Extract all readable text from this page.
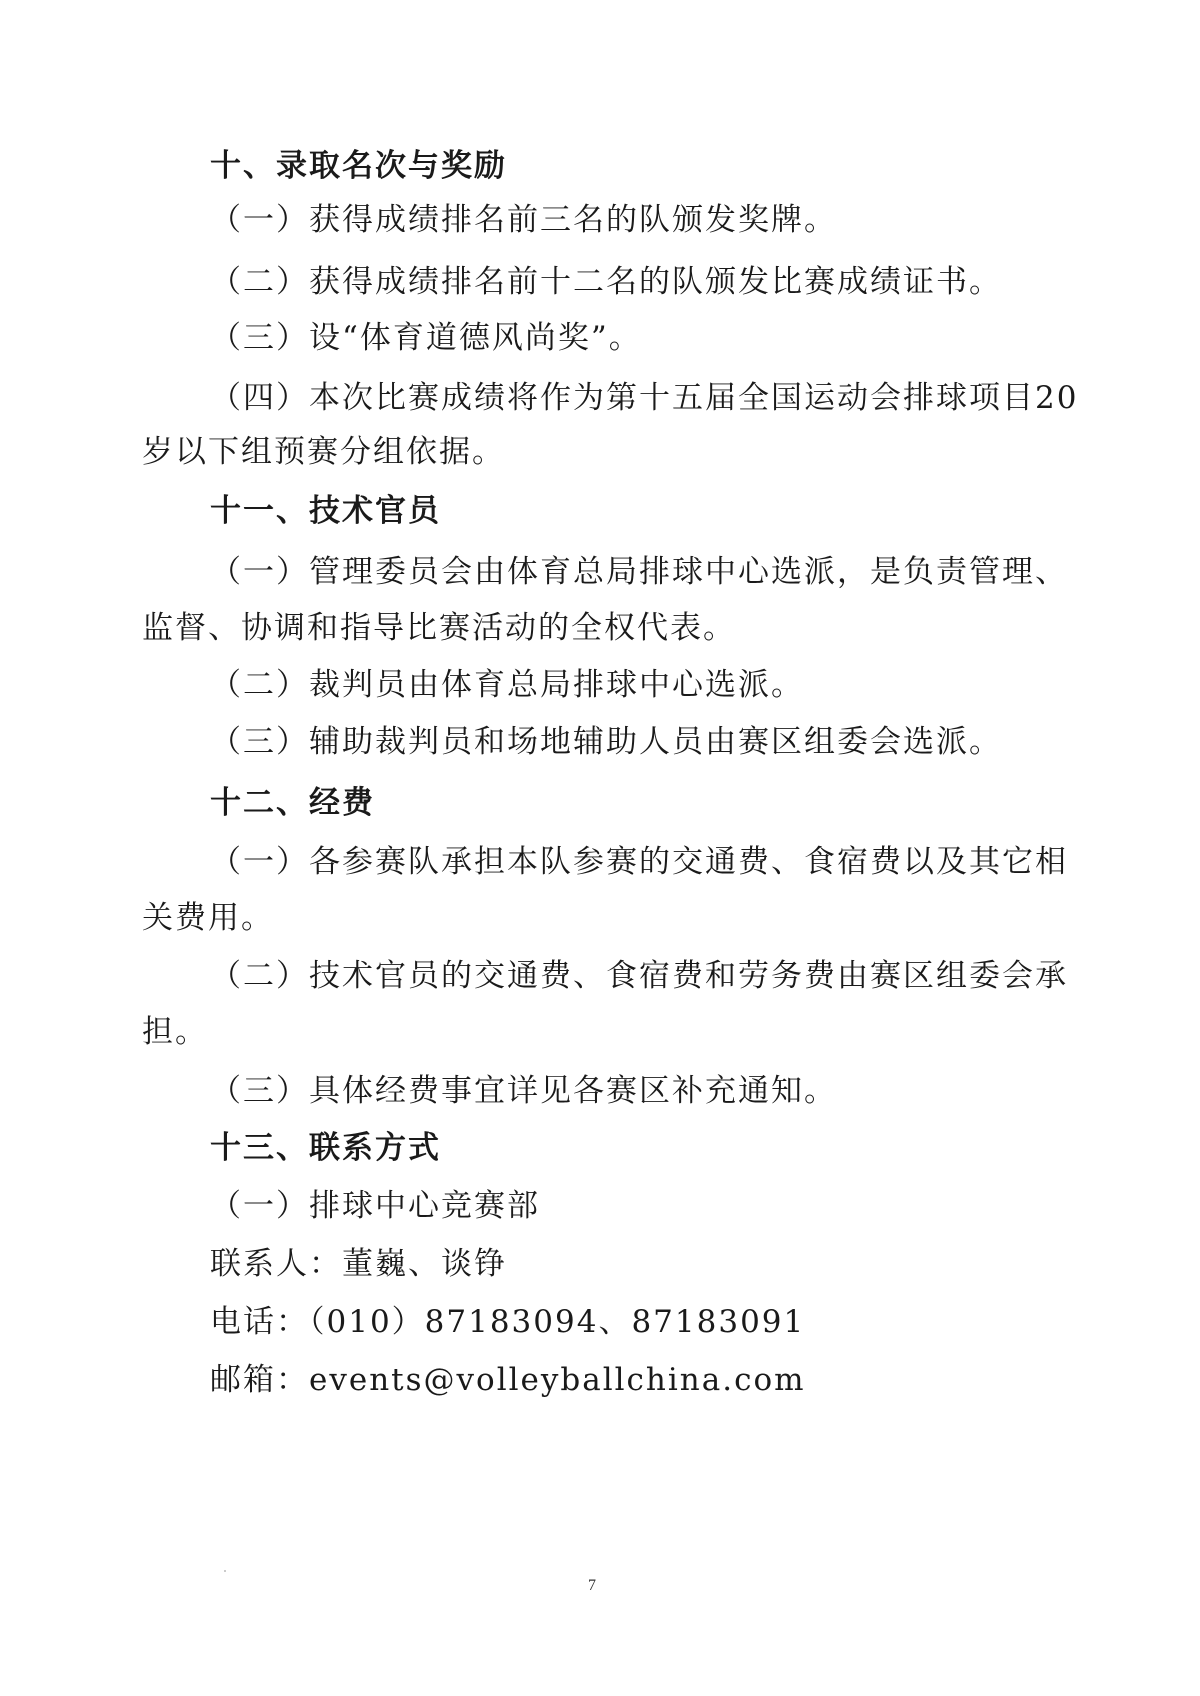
十、录取名次与奖励
（一）获得成绩排名前三名的队颁发奖牌。
（二）获得成绩排名前十二名的队颁发比赛成绩证书。
（三）设“体育道德风尚奖”。
（四）本次比赛成绩将作为第十五届全国运动会排球项目20
岁以下组预赛分组依据。
十一、技术官员
（一）管理委员会由体育总局排球中心选派，是负责管理、
监督、协调和指导比赛活动的全权代表。
（二）裁判员由体育总局排球中心选派。
（三）辅助裁判员和场地辅助人员由赛区组委会选派。
十二、经费
（一）各参赛队承担本队参赛的交通费、食宿费以及其它相
关费用。
（二）技术官员的交通费、食宿费和劳务费由赛区组委会承
担。
（三）具体经费事宜详见各赛区补充通知。
十三、联系方式
（一）排球中心竞赛部
联系人：董巍、谈铮
电话：（010）87183094、87183091
邮箱：events@volleyballchina.com
7
